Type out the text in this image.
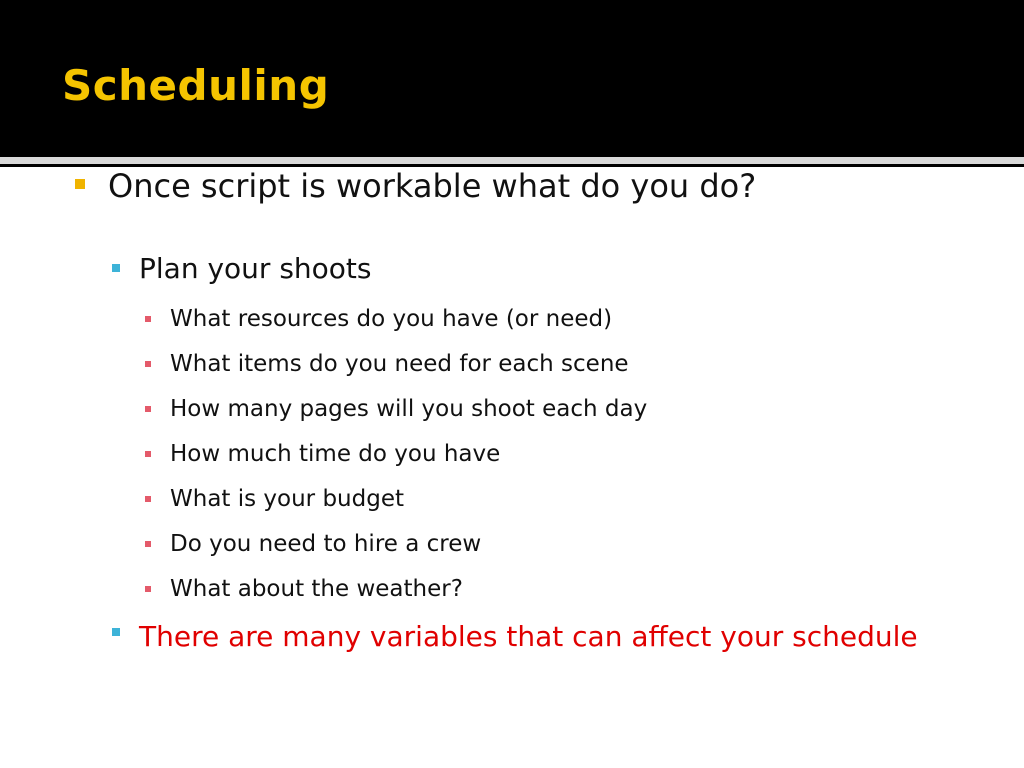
Scheduling
Once script is workable what do you do?
Plan your shoots
What resources do you have (or need)
What items do you need for each scene
How many pages will you shoot each day
How much time do you have
What is your budget
Do you need to hire a crew
What about the weather?
There are many variables that can affect your schedule
